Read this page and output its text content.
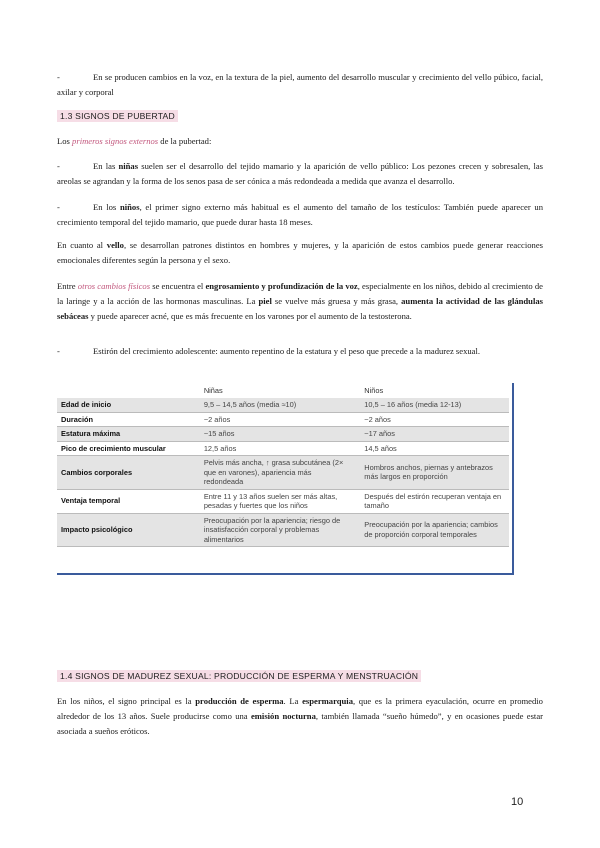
-	En se producen cambios en la voz, en la textura de la piel, aumento del desarrollo muscular y crecimiento del vello púbico, facial, axilar y corporal

1.3 SIGNOS DE PUBERTAD

Los primeros signos externos de la pubertad:

-	En las niñas suelen ser el desarrollo del tejido mamario y la aparición de vello público: Los pezones crecen y sobresalen, las areolas se agrandan y la forma de los senos pasa de ser cónica a más redondeada a medida que avanza el desarrollo.

-	En los niños, el primer signo externo más habitual es el aumento del tamaño de los testículos: También puede aparecer un crecimiento temporal del tejido mamario, que puede durar hasta 18 meses.

En cuanto al vello, se desarrollan patrones distintos en hombres y mujeres, y la aparición de estos cambios puede generar reacciones emocionales diferentes según la persona y el sexo.

Entre otros cambios físicos se encuentra el engrosamiento y profundización de la voz, especialmente en los niños, debido al crecimiento de la laringe y a la acción de las hormonas masculinas. La piel se vuelve más gruesa y más grasa, aumenta la actividad de las glándulas sebáceas y puede aparecer acné, que es más frecuente en los varones por el aumento de la testosterona.

-	Estirón del crecimiento adolescente: aumento repentino de la estatura y el peso que precede a la madurez sexual.

	Niñas		Niños
Edad de inicio	9,5 – 14,5 años (media ≈10)		10,5 – 16 años (media 12-13)
Duración	~2 años		~2 años
Estatura máxima	~15 años		~17 años
Pico de crecimiento muscular	12,5 años		14,5 años
Cambios corporales	Pelvis más ancha, ↑ grasa subcutánea (2× que en varones), apariencia más redondeada		Hombros anchos, piernas y antebrazos más largos en proporción
Ventaja temporal	Entre 11 y 13 años suelen ser más altas, pesadas y fuertes que los niños		Después del estirón recuperan ventaja en tamaño
Impacto psicológico	Preocupación por la apariencia; riesgo de insatisfacción corporal y problemas alimentarios		Preocupación por la apariencia; cambios de proporción corporal temporales
1.4 SIGNOS DE MADUREZ SEXUAL: PRODUCCIÓN DE ESPERMA Y MENSTRUACIÓN

En los niños, el signo principal es la producción de esperma. La espermarquia, que es la primera eyaculación, ocurre en promedio alrededor de los 13 años. Suele producirse como una emisión nocturna, también llamada “sueño húmedo”, y en ocasiones puede estar asociada a sueños eróticos.

10
